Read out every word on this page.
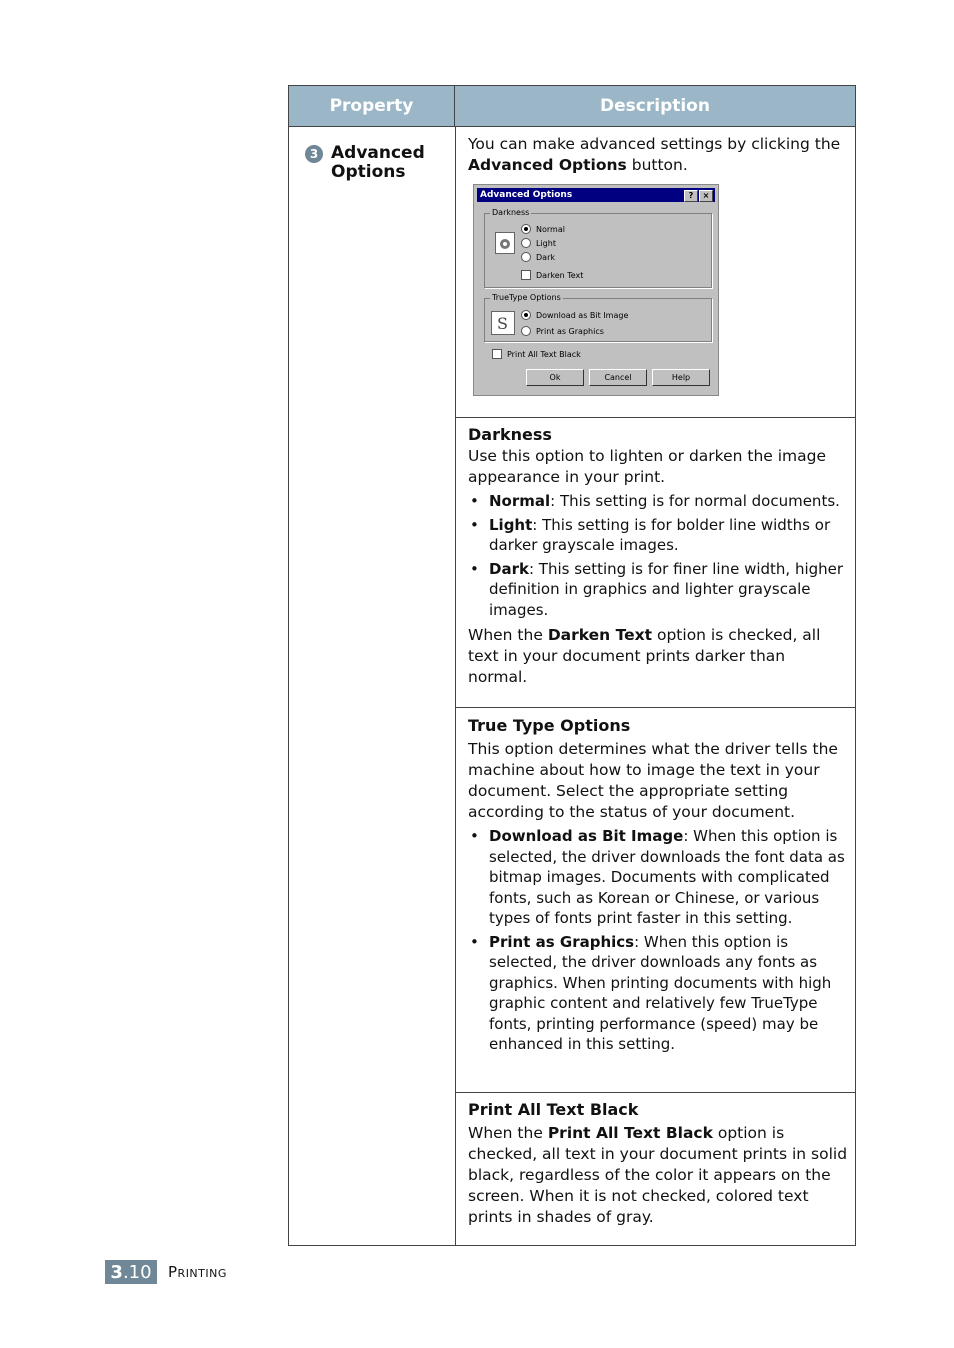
Property	Description
3 Advanced
Options

You can make advanced settings by clicking the Advanced Options button.

Advanced Options	?	×
Darkness
Normal
Light
Dark
Darken Text
TrueType Options
S	Download as Bit Image
Print as Graphics
Print All Text Black
Ok	Cancel	Help
Darkness

Use this option to lighten or darken the image appearance in your print.

• Normal: This setting is for normal documents.
• Light: This setting is for bolder line widths or darker grayscale images.
• Dark: This setting is for finer line width, higher definition in graphics and lighter grayscale images.

When the Darken Text option is checked, all text in your document prints darker than normal.

True Type Options

This option determines what the driver tells the machine about how to image the text in your document. Select the appropriate setting according to the status of your document.

• Download as Bit Image: When this option is selected, the driver downloads the font data as bitmap images. Documents with complicated fonts, such as Korean or Chinese, or various types of fonts print faster in this setting.
• Print as Graphics: When this option is selected, the driver downloads any fonts as graphics. When printing documents with high graphic content and relatively few TrueType fonts, printing performance (speed) may be enhanced in this setting.
Print All Text Black

When the Print All Text Black option is checked, all text in your document prints in solid black, regardless of the color it appears on the screen. When it is not checked, colored text prints in shades of gray.

3 .10 Printing
